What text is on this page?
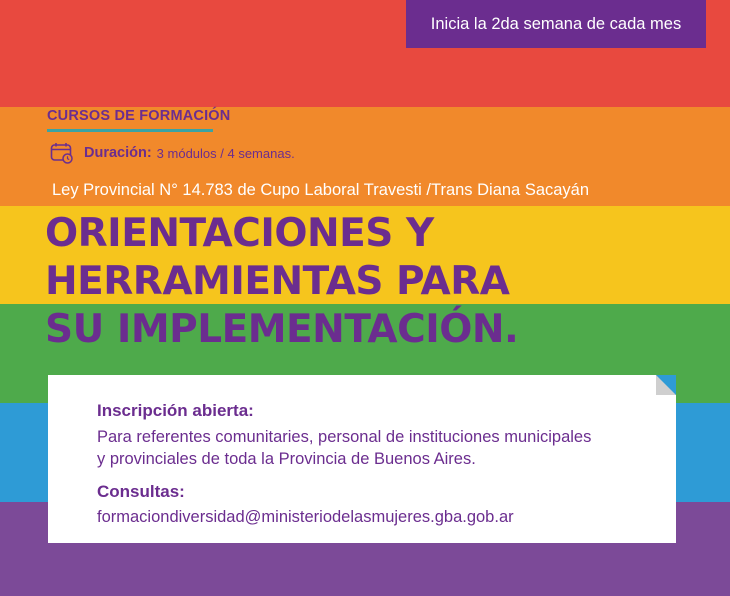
Inicia la 2da semana de cada mes
CURSOS DE FORMACIÓN
Duración: 3 módulos / 4 semanas.
Ley Provincial N° 14.783 de Cupo Laboral Travesti /Trans Diana Sacayán
ORIENTACIONES Y
HERRAMIENTAS PARA
SU IMPLEMENTACIÓN.
Inscripción abierta:
Para referentes comunitaries, personal de instituciones municipales
y provinciales de toda la Provincia de Buenos Aires.
Consultas:
formaciondiversidad@ministeriodelasmujeres.gba.gob.ar
